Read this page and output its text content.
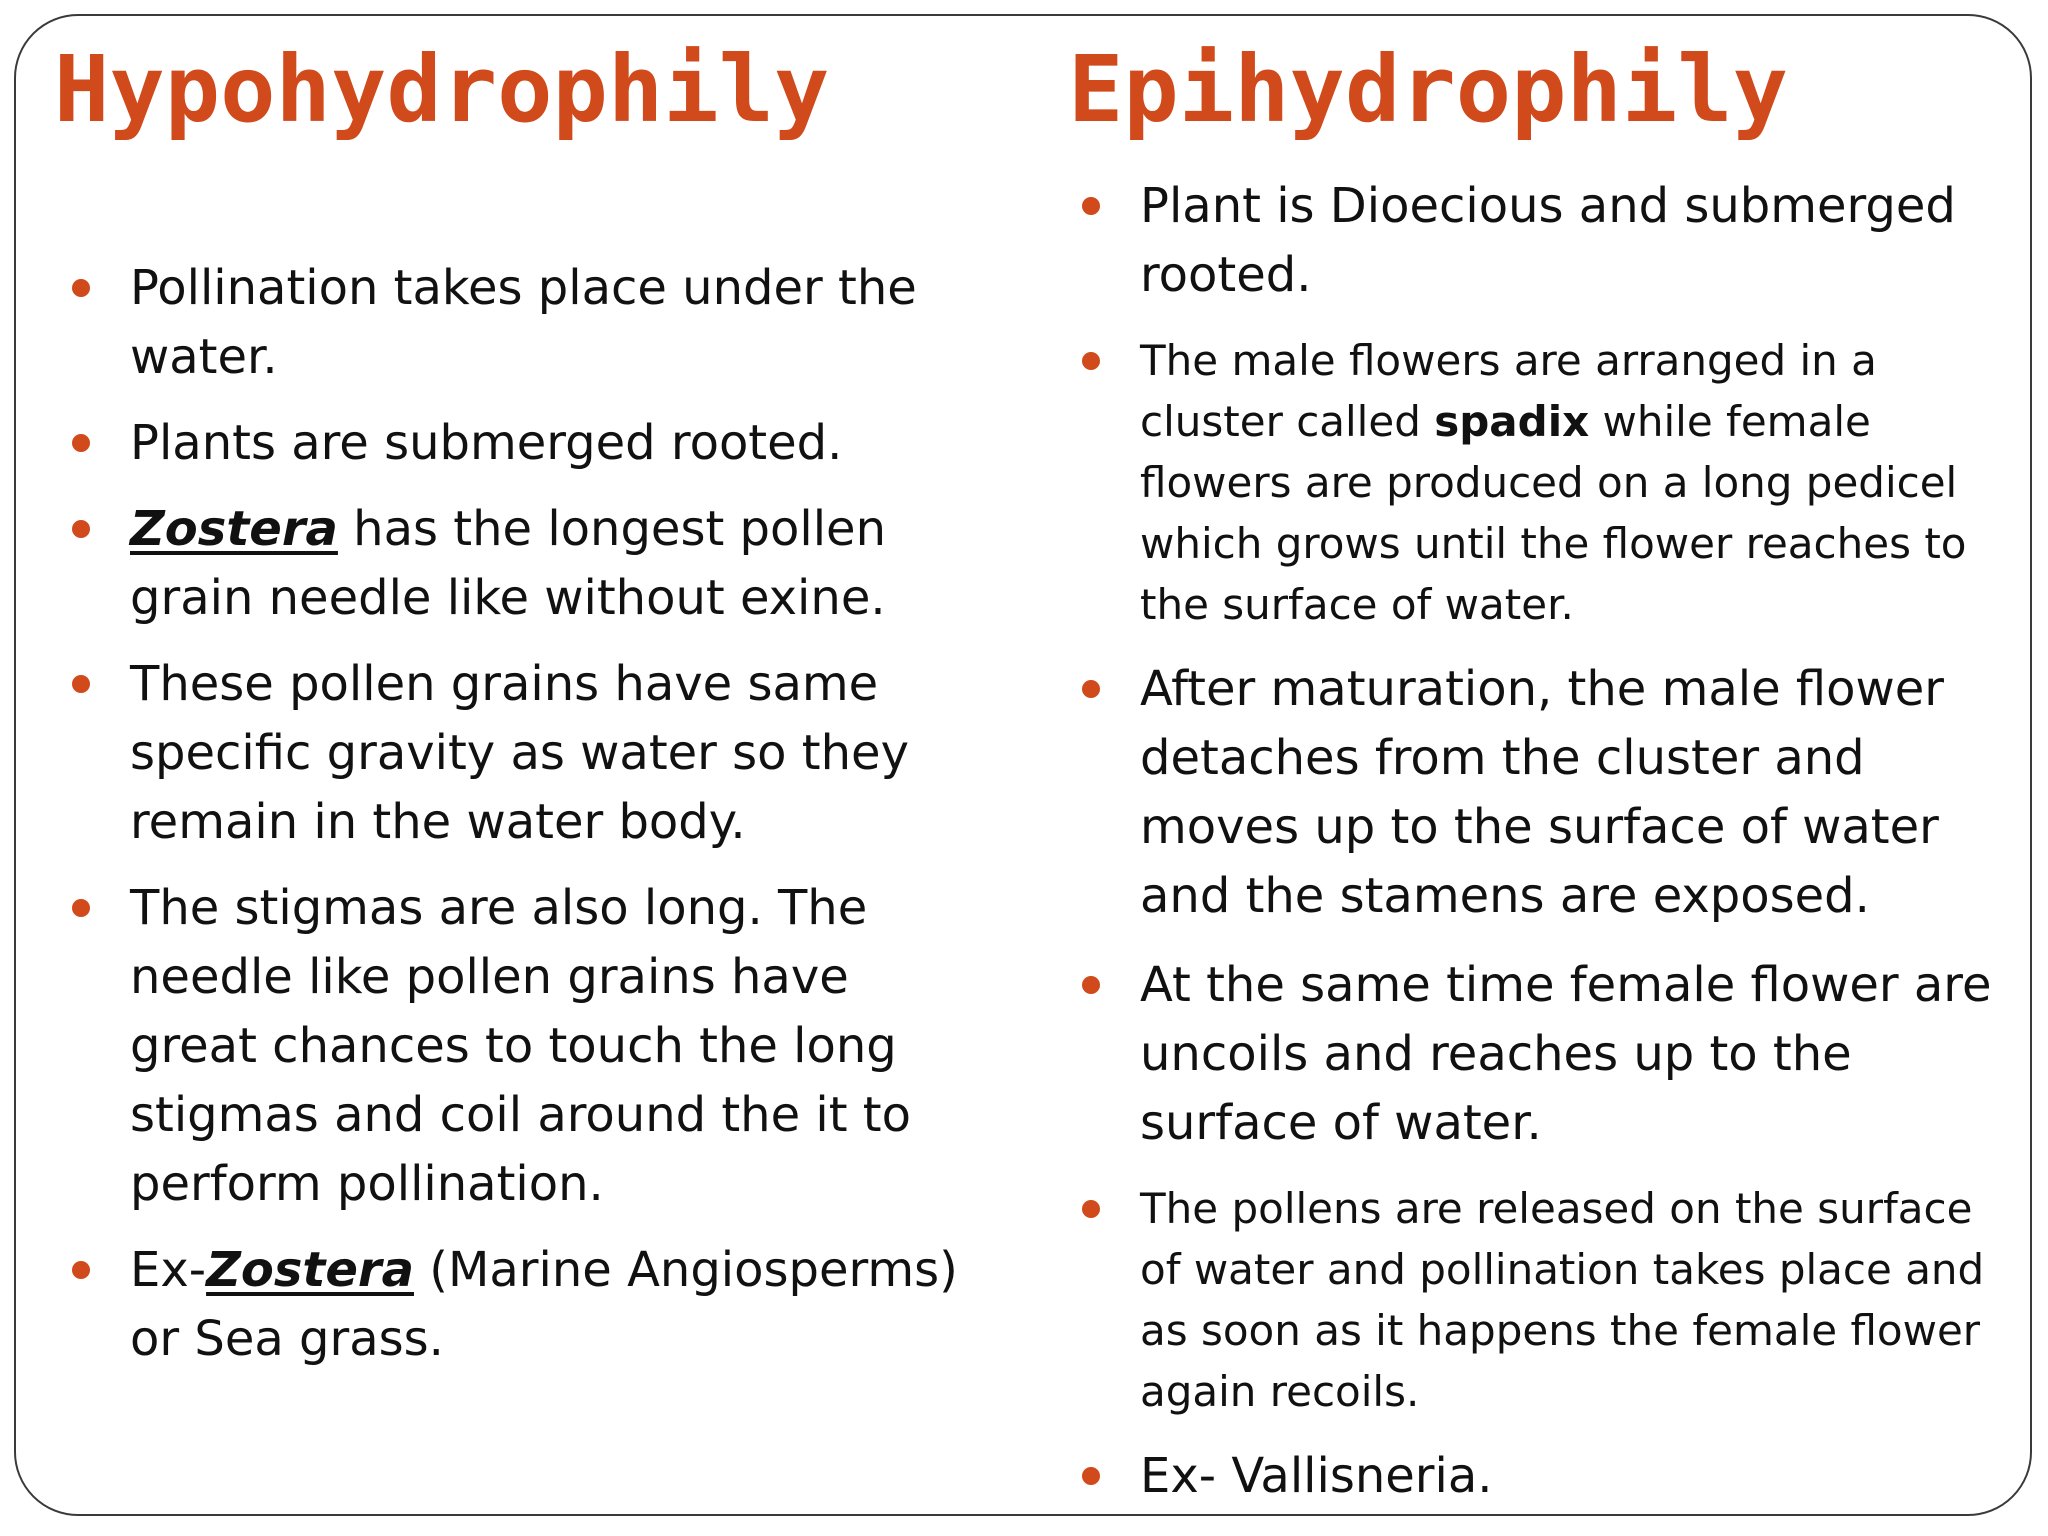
Hypohydrophily	Epihydrophily
Pollination takes place under the water.
Plants are submerged rooted.
Zostera has the longest pollen grain needle like without exine.
These pollen grains have same specific gravity as water so they remain in the water body.
The stigmas are also long. The needle like pollen grains have great chances to touch the long stigmas and coil around the it to perform pollination.
Ex-Zostera (Marine Angiosperms) or Sea grass.
Plant is Dioecious and submerged rooted.
The male flowers are arranged in a cluster called spadix while female flowers are produced on a long pedicel which grows until the flower reaches to the surface of water.
After maturation, the male flower detaches from the cluster and moves up to the surface of water and the stamens are exposed.
At the same time female flower are uncoils and reaches up to the surface of water.
The pollens are released on the surface of water and pollination takes place and as soon as it happens the female flower again recoils.
Ex- Vallisneria.
